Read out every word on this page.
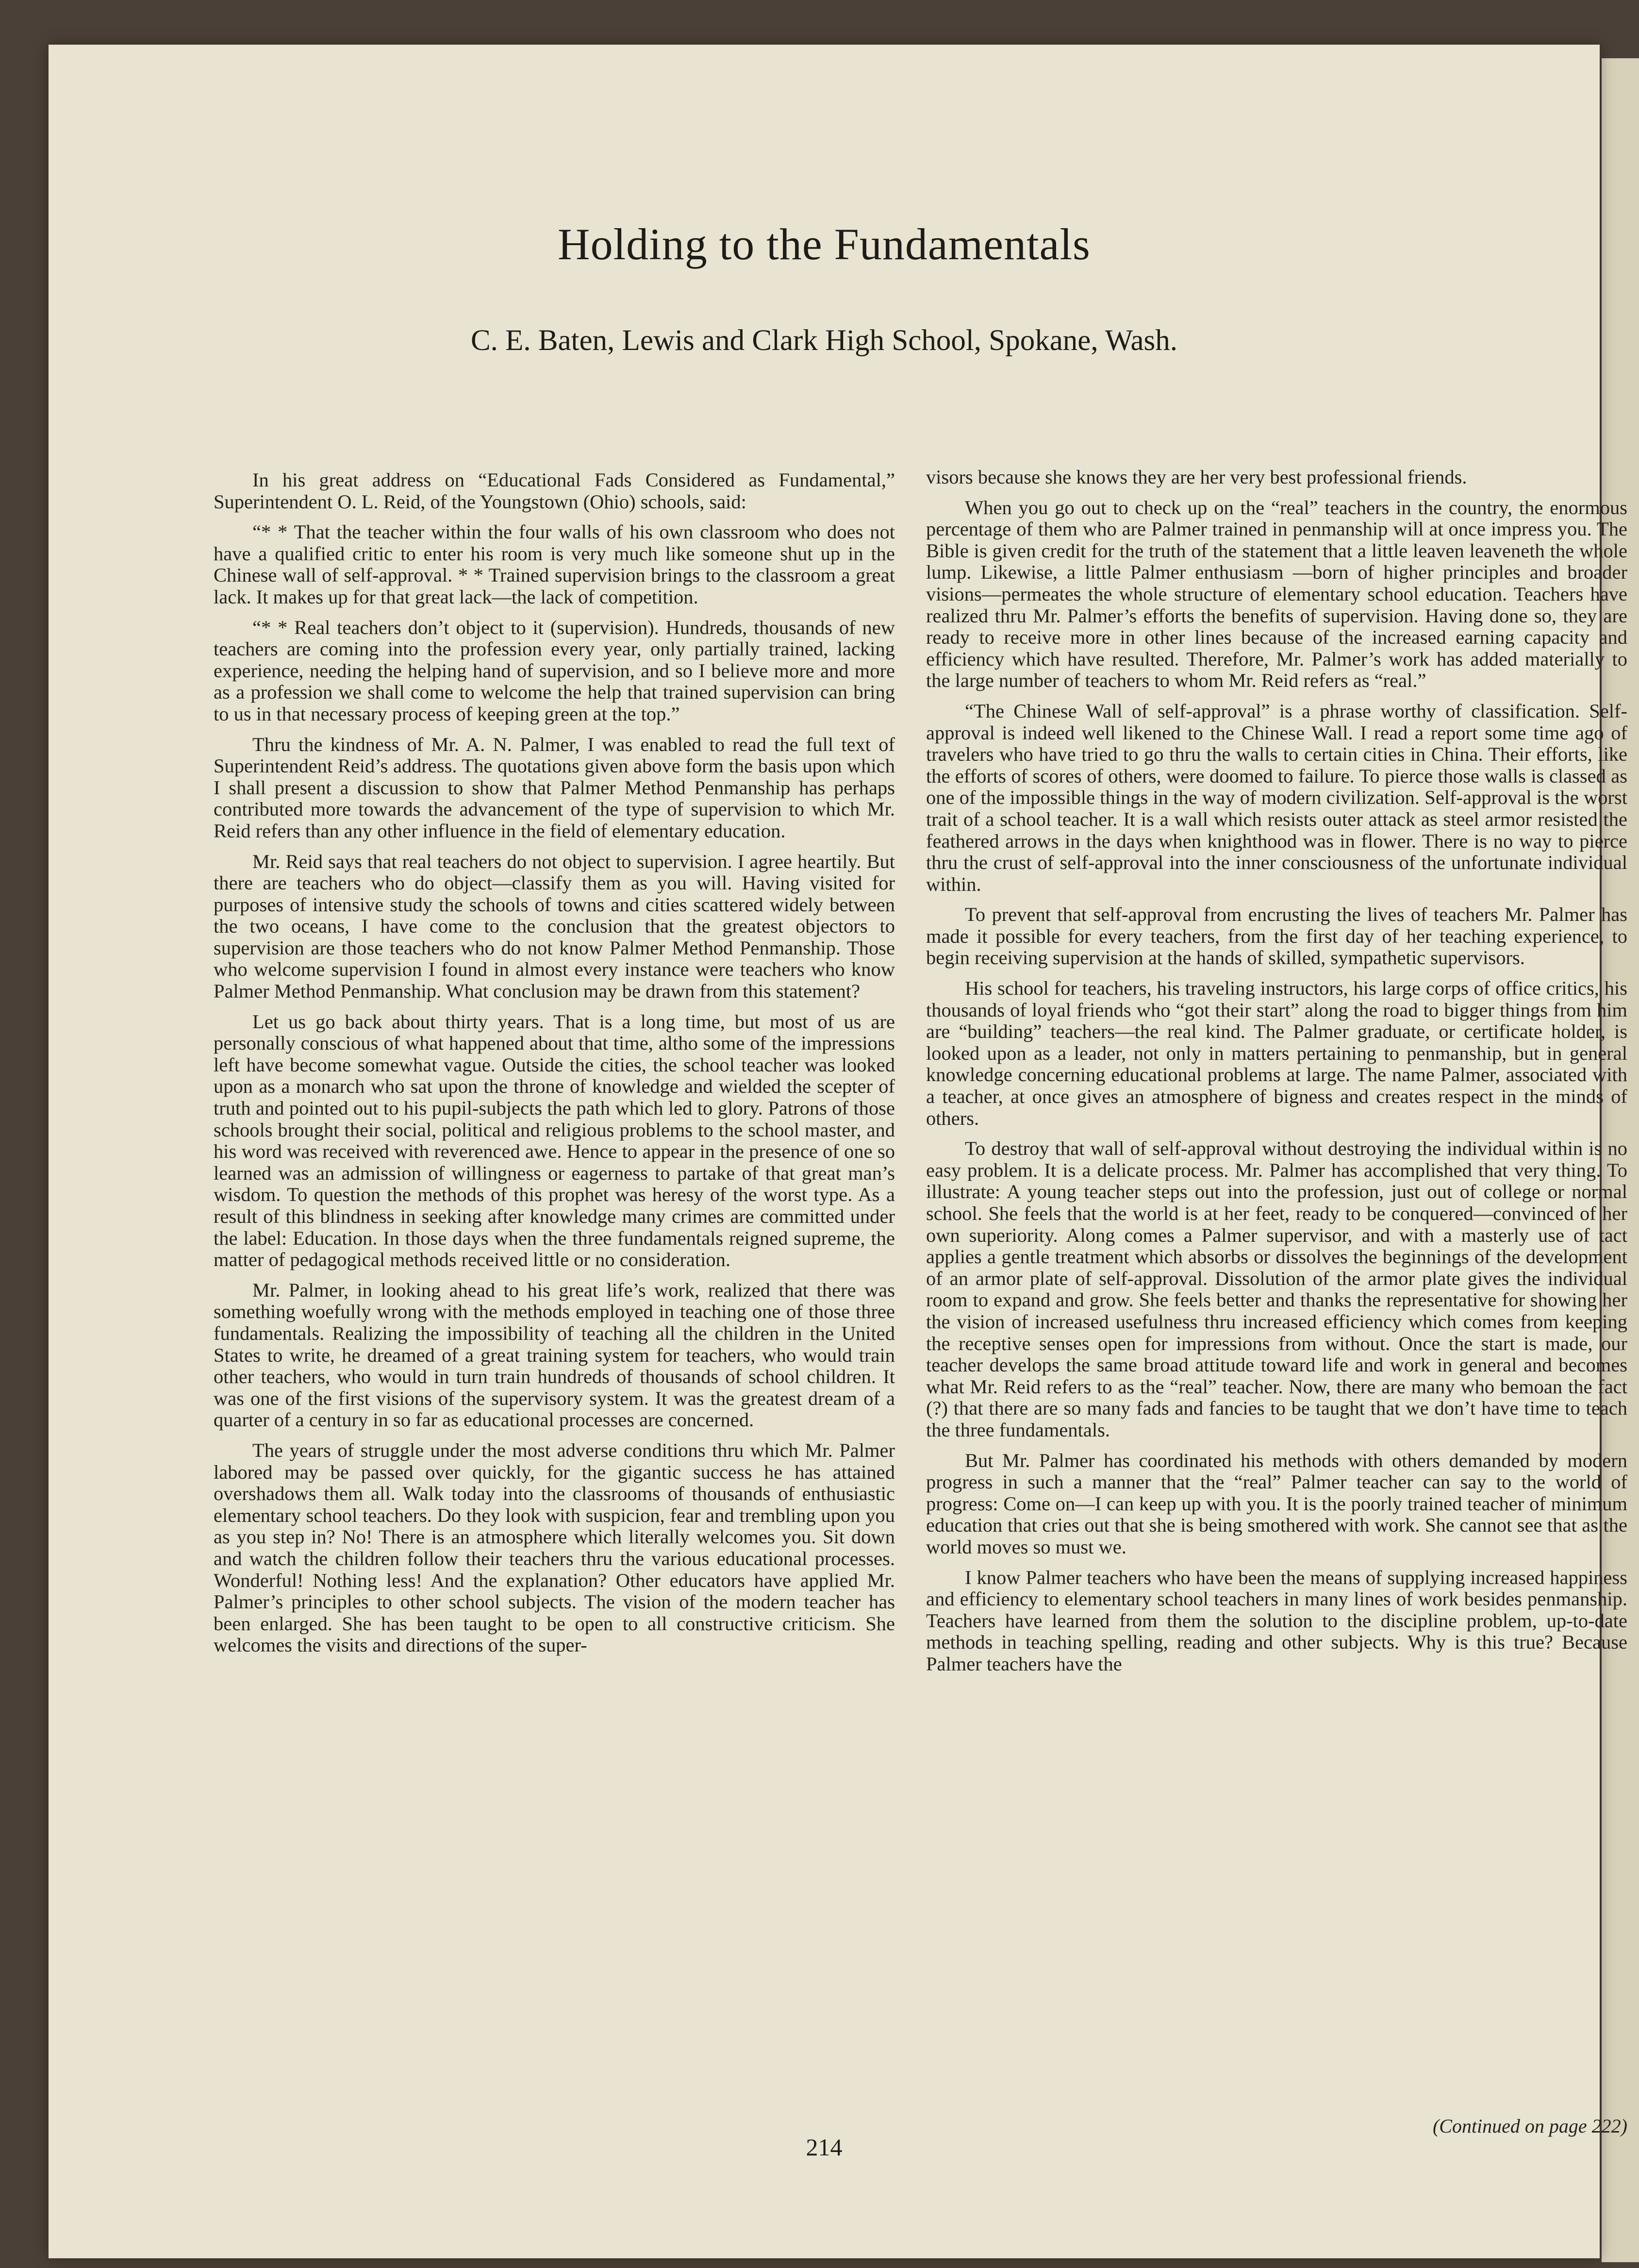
Holding to the Fundamentals
C. E. Baten, Lewis and Clark High School, Spokane, Wash.

In his great address on “Educational Fads Considered as Fundamental,” Superintendent O. L. Reid, of the Youngstown (Ohio) schools, said:

“* * That the teacher within the four walls of his own classroom who does not have a qualified critic to enter his room is very much like someone shut up in the Chinese wall of self-approval. * * Trained supervision brings to the classroom a great lack. It makes up for that great lack—the lack of competition.

“* * Real teachers don’t object to it (supervision). Hundreds, thousands of new teachers are coming into the profession every year, only partially trained, lacking experience, needing the helping hand of supervision, and so I believe more and more as a profession we shall come to welcome the help that trained supervision can bring to us in that necessary process of keeping green at the top.”

Thru the kindness of Mr. A. N. Palmer, I was enabled to read the full text of Superintendent Reid’s address. The quotations given above form the basis upon which I shall present a discussion to show that Palmer Method Penmanship has perhaps contributed more towards the advancement of the type of supervision to which Mr. Reid refers than any other influence in the field of elementary education.

Mr. Reid says that real teachers do not object to supervision. I agree heartily. But there are teachers who do object—classify them as you will. Having visited for purposes of intensive study the schools of towns and cities scattered widely between the two oceans, I have come to the conclusion that the greatest objectors to supervision are those teachers who do not know Palmer Method Penmanship. Those who welcome supervision I found in almost every instance were teachers who know Palmer Method Penmanship. What conclusion may be drawn from this statement?

Let us go back about thirty years. That is a long time, but most of us are personally conscious of what happened about that time, altho some of the impressions left have become somewhat vague. Outside the cities, the school teacher was looked upon as a monarch who sat upon the throne of knowledge and wielded the scepter of truth and pointed out to his pupil-subjects the path which led to glory. Patrons of those schools brought their social, political and religious problems to the school master, and his word was received with reverenced awe. Hence to appear in the presence of one so learned was an admission of willingness or eagerness to partake of that great man’s wisdom. To question the methods of this prophet was heresy of the worst type. As a result of this blindness in seeking after knowledge many crimes are committed under the label: Education. In those days when the three fundamentals reigned supreme, the matter of pedagogical methods received little or no consideration.

Mr. Palmer, in looking ahead to his great life’s work, realized that there was something woefully wrong with the methods employed in teaching one of those three fundamentals. Realizing the impossibility of teaching all the children in the United States to write, he dreamed of a great training system for teachers, who would train other teachers, who would in turn train hundreds of thousands of school children. It was one of the first visions of the supervisory system. It was the greatest dream of a quarter of a century in so far as educational processes are concerned.

The years of struggle under the most adverse conditions thru which Mr. Palmer labored may be passed over quickly, for the gigantic success he has attained overshadows them all. Walk today into the classrooms of thousands of enthusiastic elementary school teachers. Do they look with suspicion, fear and trembling upon you as you step in? No! There is an atmosphere which literally welcomes you. Sit down and watch the children follow their teachers thru the various educational processes. Wonderful! Nothing less! And the explanation? Other educators have applied Mr. Palmer’s principles to other school subjects. The vision of the modern teacher has been enlarged. She has been taught to be open to all constructive criticism. She welcomes the visits and directions of the super-

visors because she knows they are her very best professional friends.

When you go out to check up on the “real” teachers in the country, the enormous percentage of them who are Palmer trained in penmanship will at once impress you. The Bible is given credit for the truth of the statement that a little leaven leaveneth the whole lump. Likewise, a little Palmer enthusiasm —born of higher principles and broader visions—permeates the whole structure of elementary school education. Teachers have realized thru Mr. Palmer’s efforts the benefits of supervision. Having done so, they are ready to receive more in other lines because of the increased earning capacity and efficiency which have resulted. Therefore, Mr. Palmer’s work has added materially to the large number of teachers to whom Mr. Reid refers as “real.”

“The Chinese Wall of self-approval” is a phrase worthy of classification. Self-approval is indeed well likened to the Chinese Wall. I read a report some time ago of travelers who have tried to go thru the walls to certain cities in China. Their efforts, like the efforts of scores of others, were doomed to failure. To pierce those walls is classed as one of the impossible things in the way of modern civilization. Self-approval is the worst trait of a school teacher. It is a wall which resists outer attack as steel armor resisted the feathered arrows in the days when knighthood was in flower. There is no way to pierce thru the crust of self-approval into the inner consciousness of the unfortunate individual within.

To prevent that self-approval from encrusting the lives of teachers Mr. Palmer has made it possible for every teachers, from the first day of her teaching experience, to begin receiving supervision at the hands of skilled, sympathetic supervisors.

His school for teachers, his traveling instructors, his large corps of office critics, his thousands of loyal friends who “got their start” along the road to bigger things from him are “building” teachers—the real kind. The Palmer graduate, or certificate holder, is looked upon as a leader, not only in matters pertaining to penmanship, but in general knowledge concerning educational problems at large. The name Palmer, associated with a teacher, at once gives an atmosphere of bigness and creates respect in the minds of others.

To destroy that wall of self-approval without destroying the individual within is no easy problem. It is a delicate process. Mr. Palmer has accomplished that very thing. To illustrate: A young teacher steps out into the profession, just out of college or normal school. She feels that the world is at her feet, ready to be conquered—convinced of her own superiority. Along comes a Palmer supervisor, and with a masterly use of tact applies a gentle treatment which absorbs or dissolves the beginnings of the development of an armor plate of self-approval. Dissolution of the armor plate gives the individual room to expand and grow. She feels better and thanks the representative for showing her the vision of increased usefulness thru increased efficiency which comes from keeping the receptive senses open for impressions from without. Once the start is made, our teacher develops the same broad attitude toward life and work in general and becomes what Mr. Reid refers to as the “real” teacher. Now, there are many who bemoan the fact (?) that there are so many fads and fancies to be taught that we don’t have time to teach the three fundamentals.

But Mr. Palmer has coordinated his methods with others demanded by modern progress in such a manner that the “real” Palmer teacher can say to the world of progress: Come on—I can keep up with you. It is the poorly trained teacher of minimum education that cries out that she is being smothered with work. She cannot see that as the world moves so must we.

I know Palmer teachers who have been the means of supplying increased happiness and efficiency to elementary school teachers in many lines of work besides penmanship. Teachers have learned from them the solution to the discipline problem, up-to-date methods in teaching spelling, reading and other subjects. Why is this true? Because Palmer teachers have the

(Continued on page 222)
214
